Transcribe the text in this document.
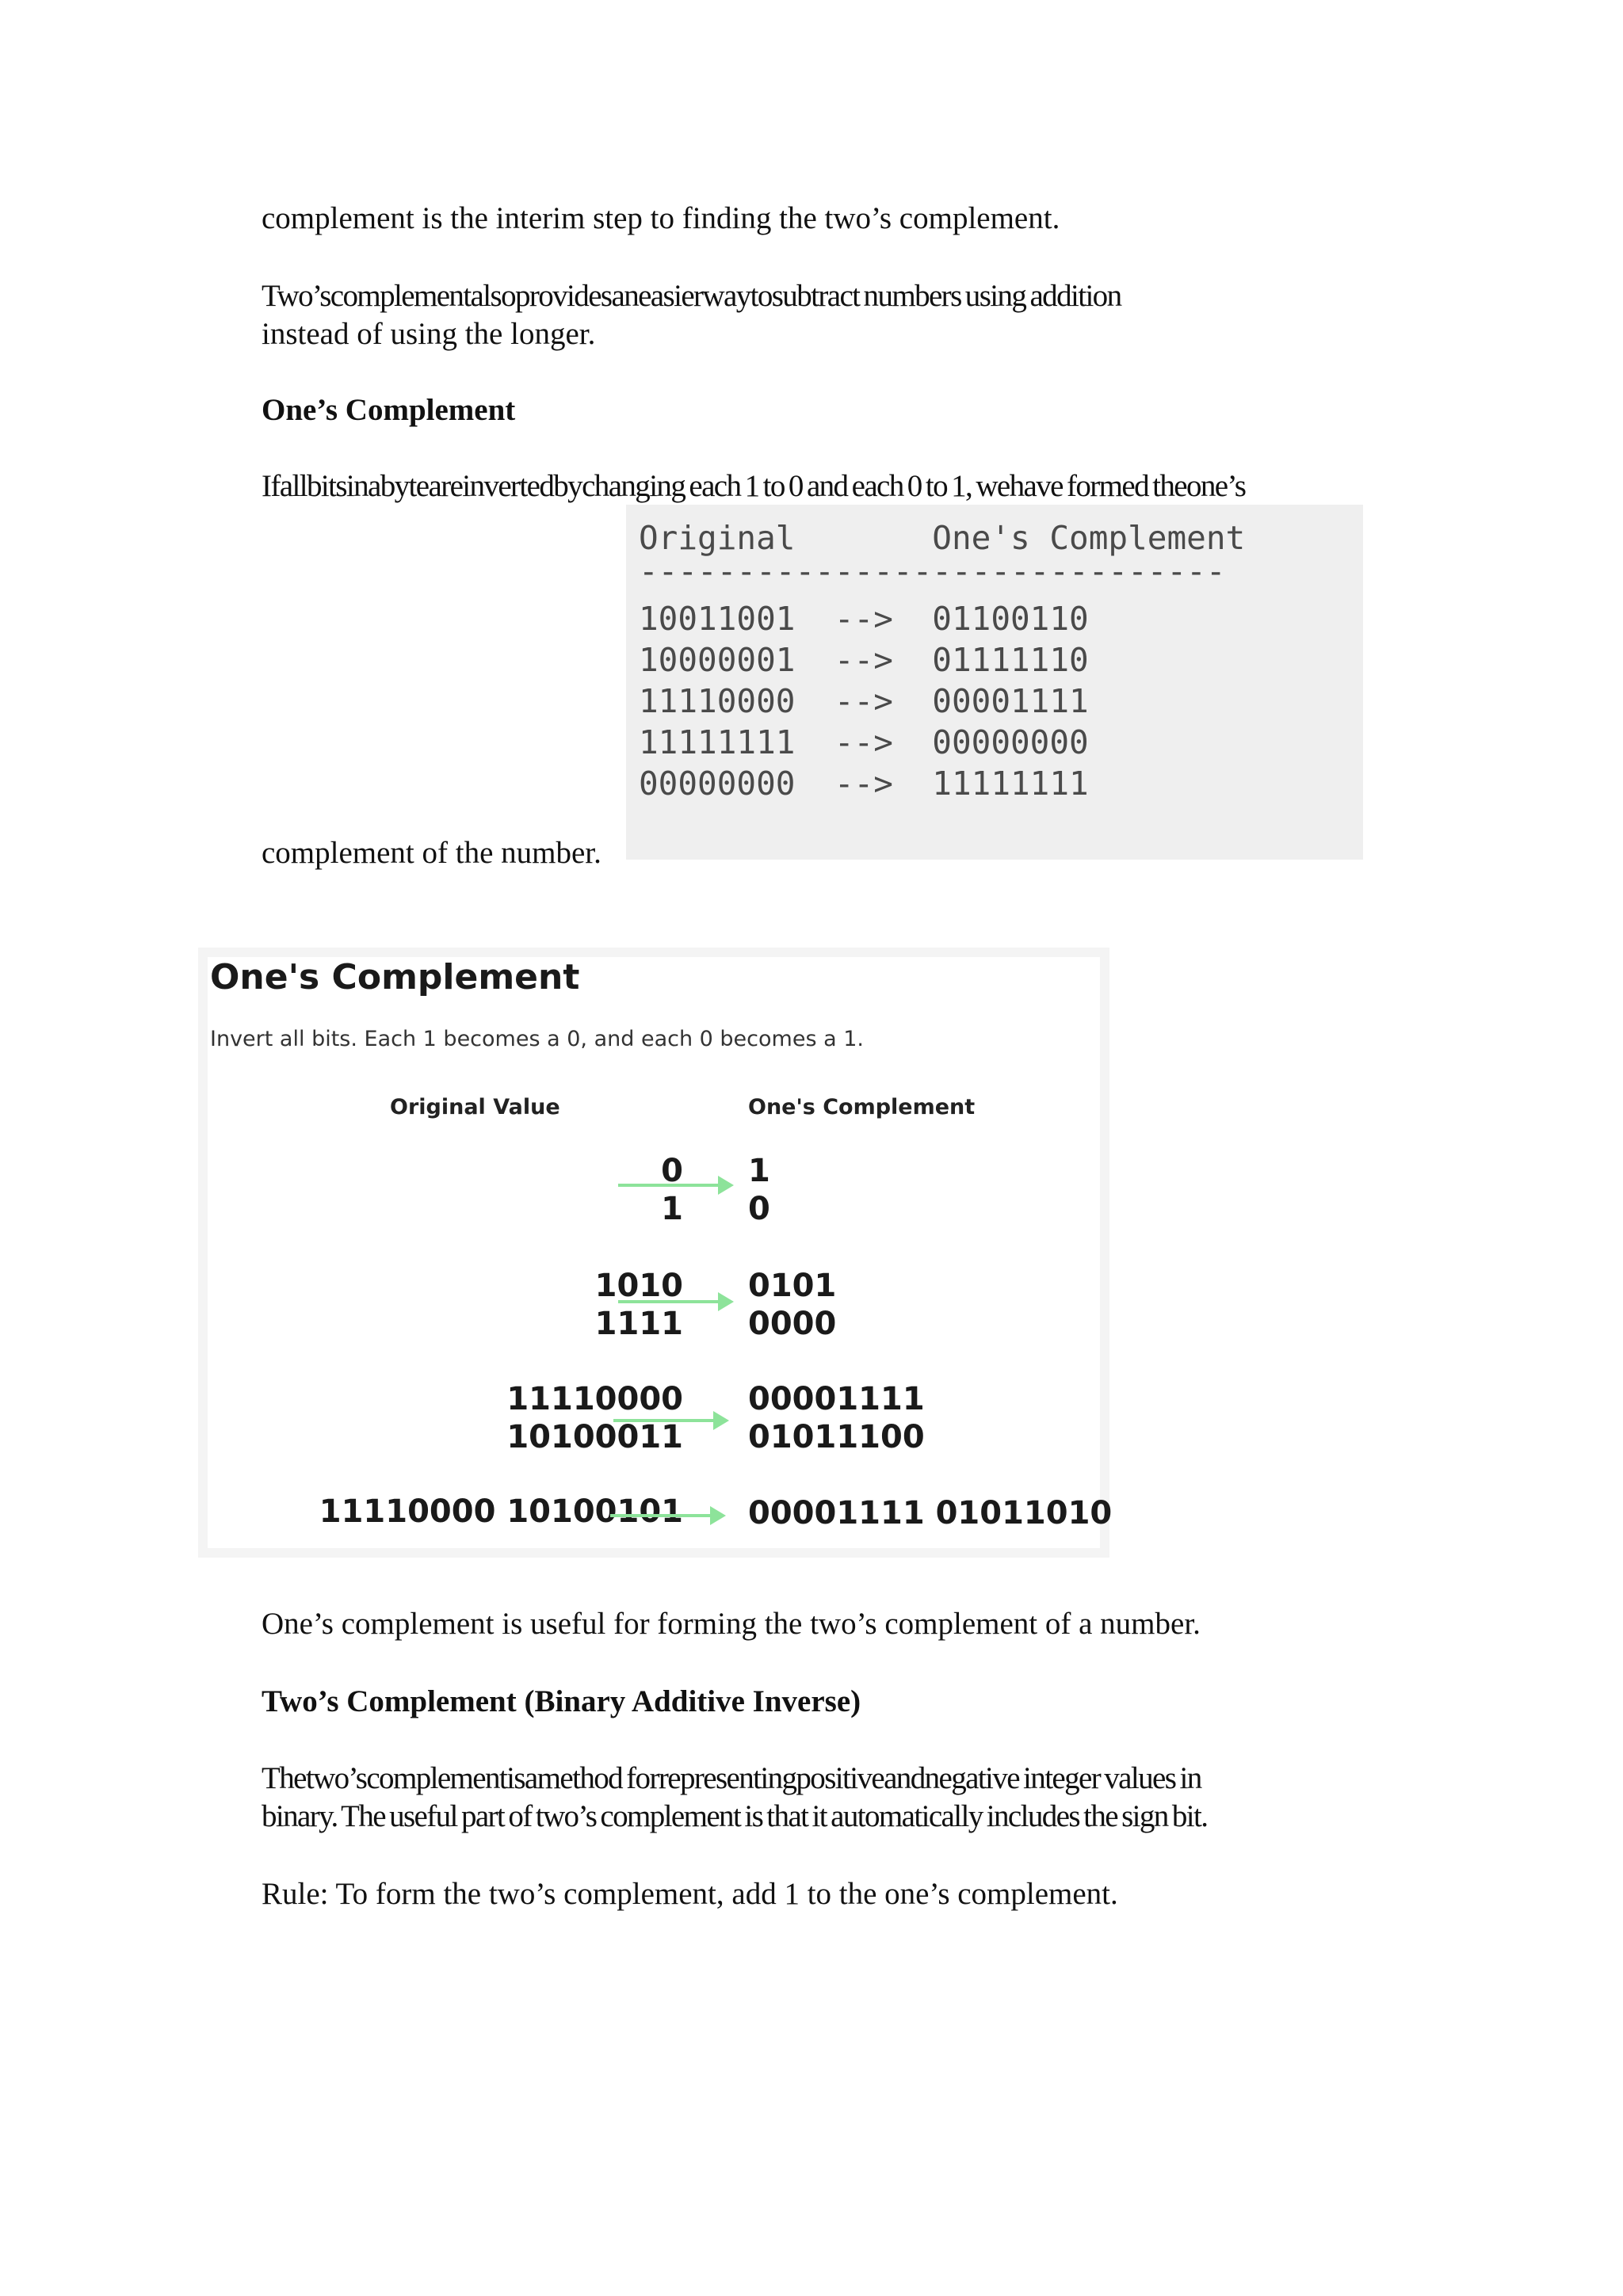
complement is the interim step to finding the two’s complement.

Two’scomplementalsoprovidesaneasierwaytosubtract numbers using addition

instead of using the longer.

One’s Complement

Ifallbitsinabyteareinvertedbychanging each 1 to 0 and each 0 to 1, wehave formed theone’s

complement of the number.

Original       One's Complement
------------------------------
10011001  -->  01100110
10000001  -->  01111110
11110000  -->  00001111
11111111  -->  00000000
00000000  -->  11111111
One's Complement
Invert all bits. Each 1 becomes a 0, and each 0 becomes a 1.
Original Value	One's Complement
0
1
1
0
1010
1111
0101
0000
11110000
10100011
00001111
01011100
11110000 10100101 00001111 01011010

One’s complement is useful for forming the two’s complement of a number.

Two’s Complement (Binary Additive Inverse)

Thetwo’scomplementisamethod forrepresentingpositiveandnegative integer values in

binary. The useful part of two’s complement is that it automatically includes the sign bit.

Rule: To form the two’s complement, add 1 to the one’s complement.
